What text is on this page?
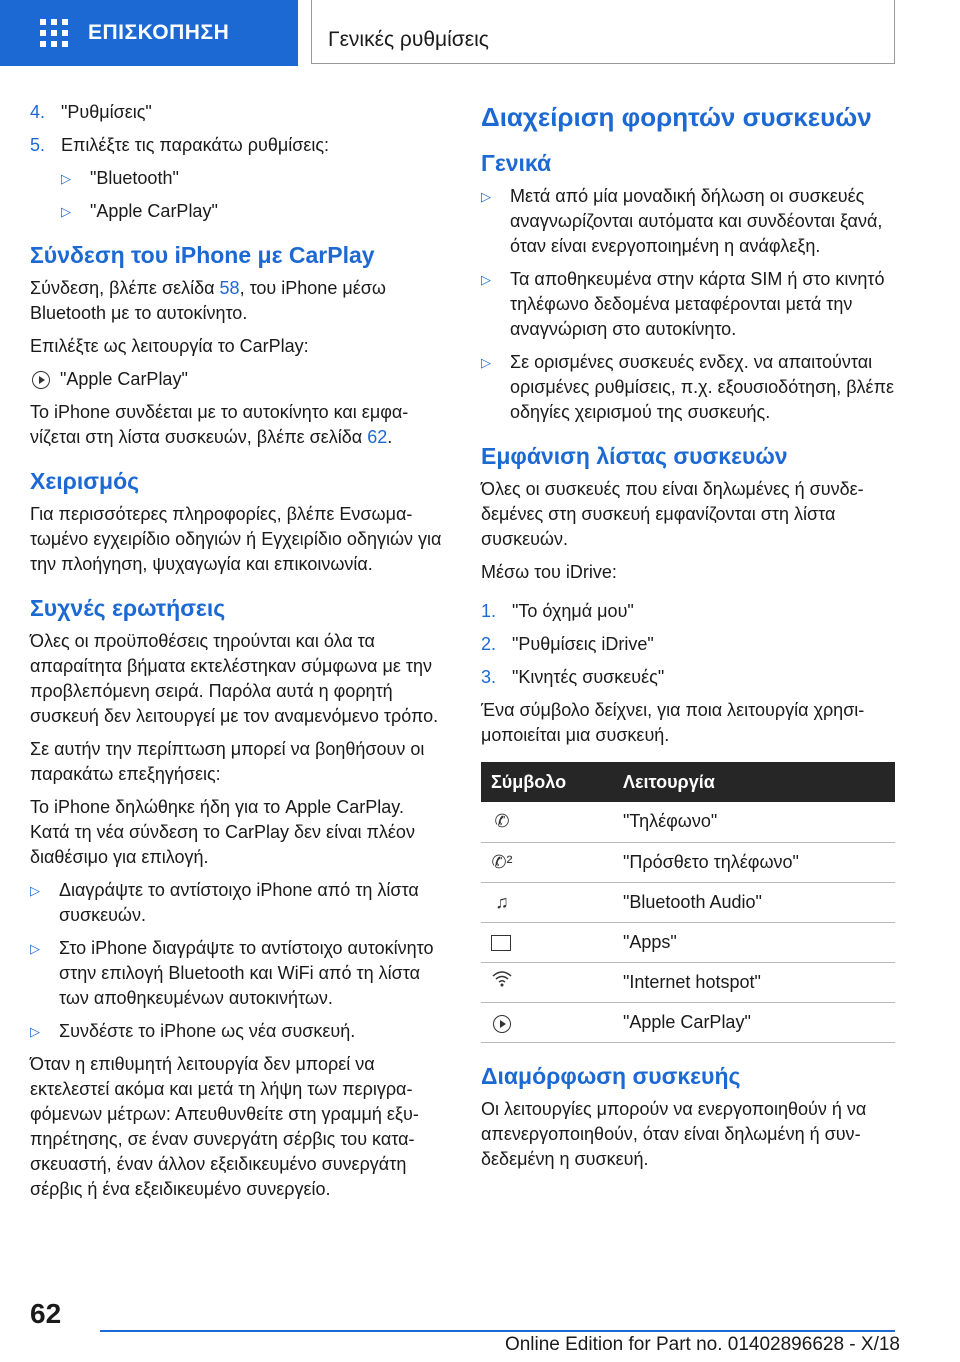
ΕΠΙΣΚΟΠΗΣΗ	Γενικές ρυθμίσεις
4. "Ρυθμίσεις"
5. Επιλέξτε τις παρακάτω ρυθμίσεις:
▷	"Bluetooth"
▷	"Apple CarPlay"
Σύνδεση του iPhone με CarPlay

Σύνδεση, βλέπε σελίδα 58, του iPhone μέσω Bluetooth με το αυτοκίνητο.

Επιλέξτε ως λειτουργία το CarPlay:

"Apple CarPlay"

Το iPhone συνδέεται με το αυτοκίνητο και εμφανίζεται στη λίστα συσκευών, βλέπε σελίδα 62.

Χειρισμός

Για περισσότερες πληροφορίες, βλέπε Ενσωματωμένο εγχειρίδιο οδηγιών ή Εγχειρίδιο οδηγιών για την πλοήγηση, ψυχαγωγία και επικοινωνία.

Συχνές ερωτήσεις

Όλες οι προϋποθέσεις τηρούνται και όλα τα απαραίτητα βήματα εκτελέστηκαν σύμφωνα με την προβλεπόμενη σειρά. Παρόλα αυτά η φορητή συσκευή δεν λειτουργεί με τον αναμενόμενο τρόπο.

Σε αυτήν την περίπτωση μπορεί να βοηθήσουν οι παρακάτω επεξηγήσεις:

Το iPhone δηλώθηκε ήδη για το Apple CarPlay. Κατά τη νέα σύνδεση το CarPlay δεν είναι πλέον διαθέσιμο για επιλογή.

▷	Διαγράψτε το αντίστοιχο iPhone από τη λίστα συσκευών.
▷	Στο iPhone διαγράψτε το αντίστοιχο αυτοκίνητο στην επιλογή Bluetooth και WiFi από τη λίστα των αποθηκευμένων αυτοκινήτων.
▷	Συνδέστε το iPhone ως νέα συσκευή.

Όταν η επιθυμητή λειτουργία δεν μπορεί να εκτελεστεί ακόμα και μετά τη λήψη των περιγραφόμενων μέτρων: Απευθυνθείτε στη γραμμή εξυπηρέτησης, σε έναν συνεργάτη σέρβις του κατασκευαστή, έναν άλλον εξειδικευμένο συνεργάτη σέρβις ή ένα εξειδικευμένο συνεργείο.

Διαχείριση φορητών συσκευών
Γενικά
▷	Μετά από μία μοναδική δήλωση οι συσκευές αναγνωρίζονται αυτόματα και συνδέονται ξανά, όταν είναι ενεργοποιημένη η ανάφλεξη.
▷	Τα αποθηκευμένα στην κάρτα SIM ή στο κινητό τηλέφωνο δεδομένα μεταφέρονται μετά την αναγνώριση στο αυτοκίνητο.
▷	Σε ορισμένες συσκευές ενδεχ. να απαιτούνται ορισμένες ρυθμίσεις, π.χ. εξουσιοδότηση, βλέπε οδηγίες χειρισμού της συσκευής.
Εμφάνιση λίστας συσκευών

Όλες οι συσκευές που είναι δηλωμένες ή συνδεδεμένες στη συσκευή εμφανίζονται στη λίστα συσκευών.

Μέσω του iDrive:

1. "Το όχημά μου"
2. "Ρυθμίσεις iDrive"
3. "Κινητές συσκευές"

Ένα σύμβολο δείχνει, για ποια λειτουργία χρησιμοποιείται μια συσκευή.

Σύμβολο	Λειτουργία
✆	"Τηλέφωνο"
✆²	"Πρόσθετο τηλέφωνο"
♫	"Bluetooth Audio"
	"Apps"
	"Internet hotspot"
	"Apple CarPlay"
Διαμόρφωση συσκευής

Οι λειτουργίες μπορούν να ενεργοποιηθούν ή να απενεργοποιηθούν, όταν είναι δηλωμένη ή συνδεδεμένη η συσκευή.

62
Online Edition for Part no. 01402896628 - X/18
